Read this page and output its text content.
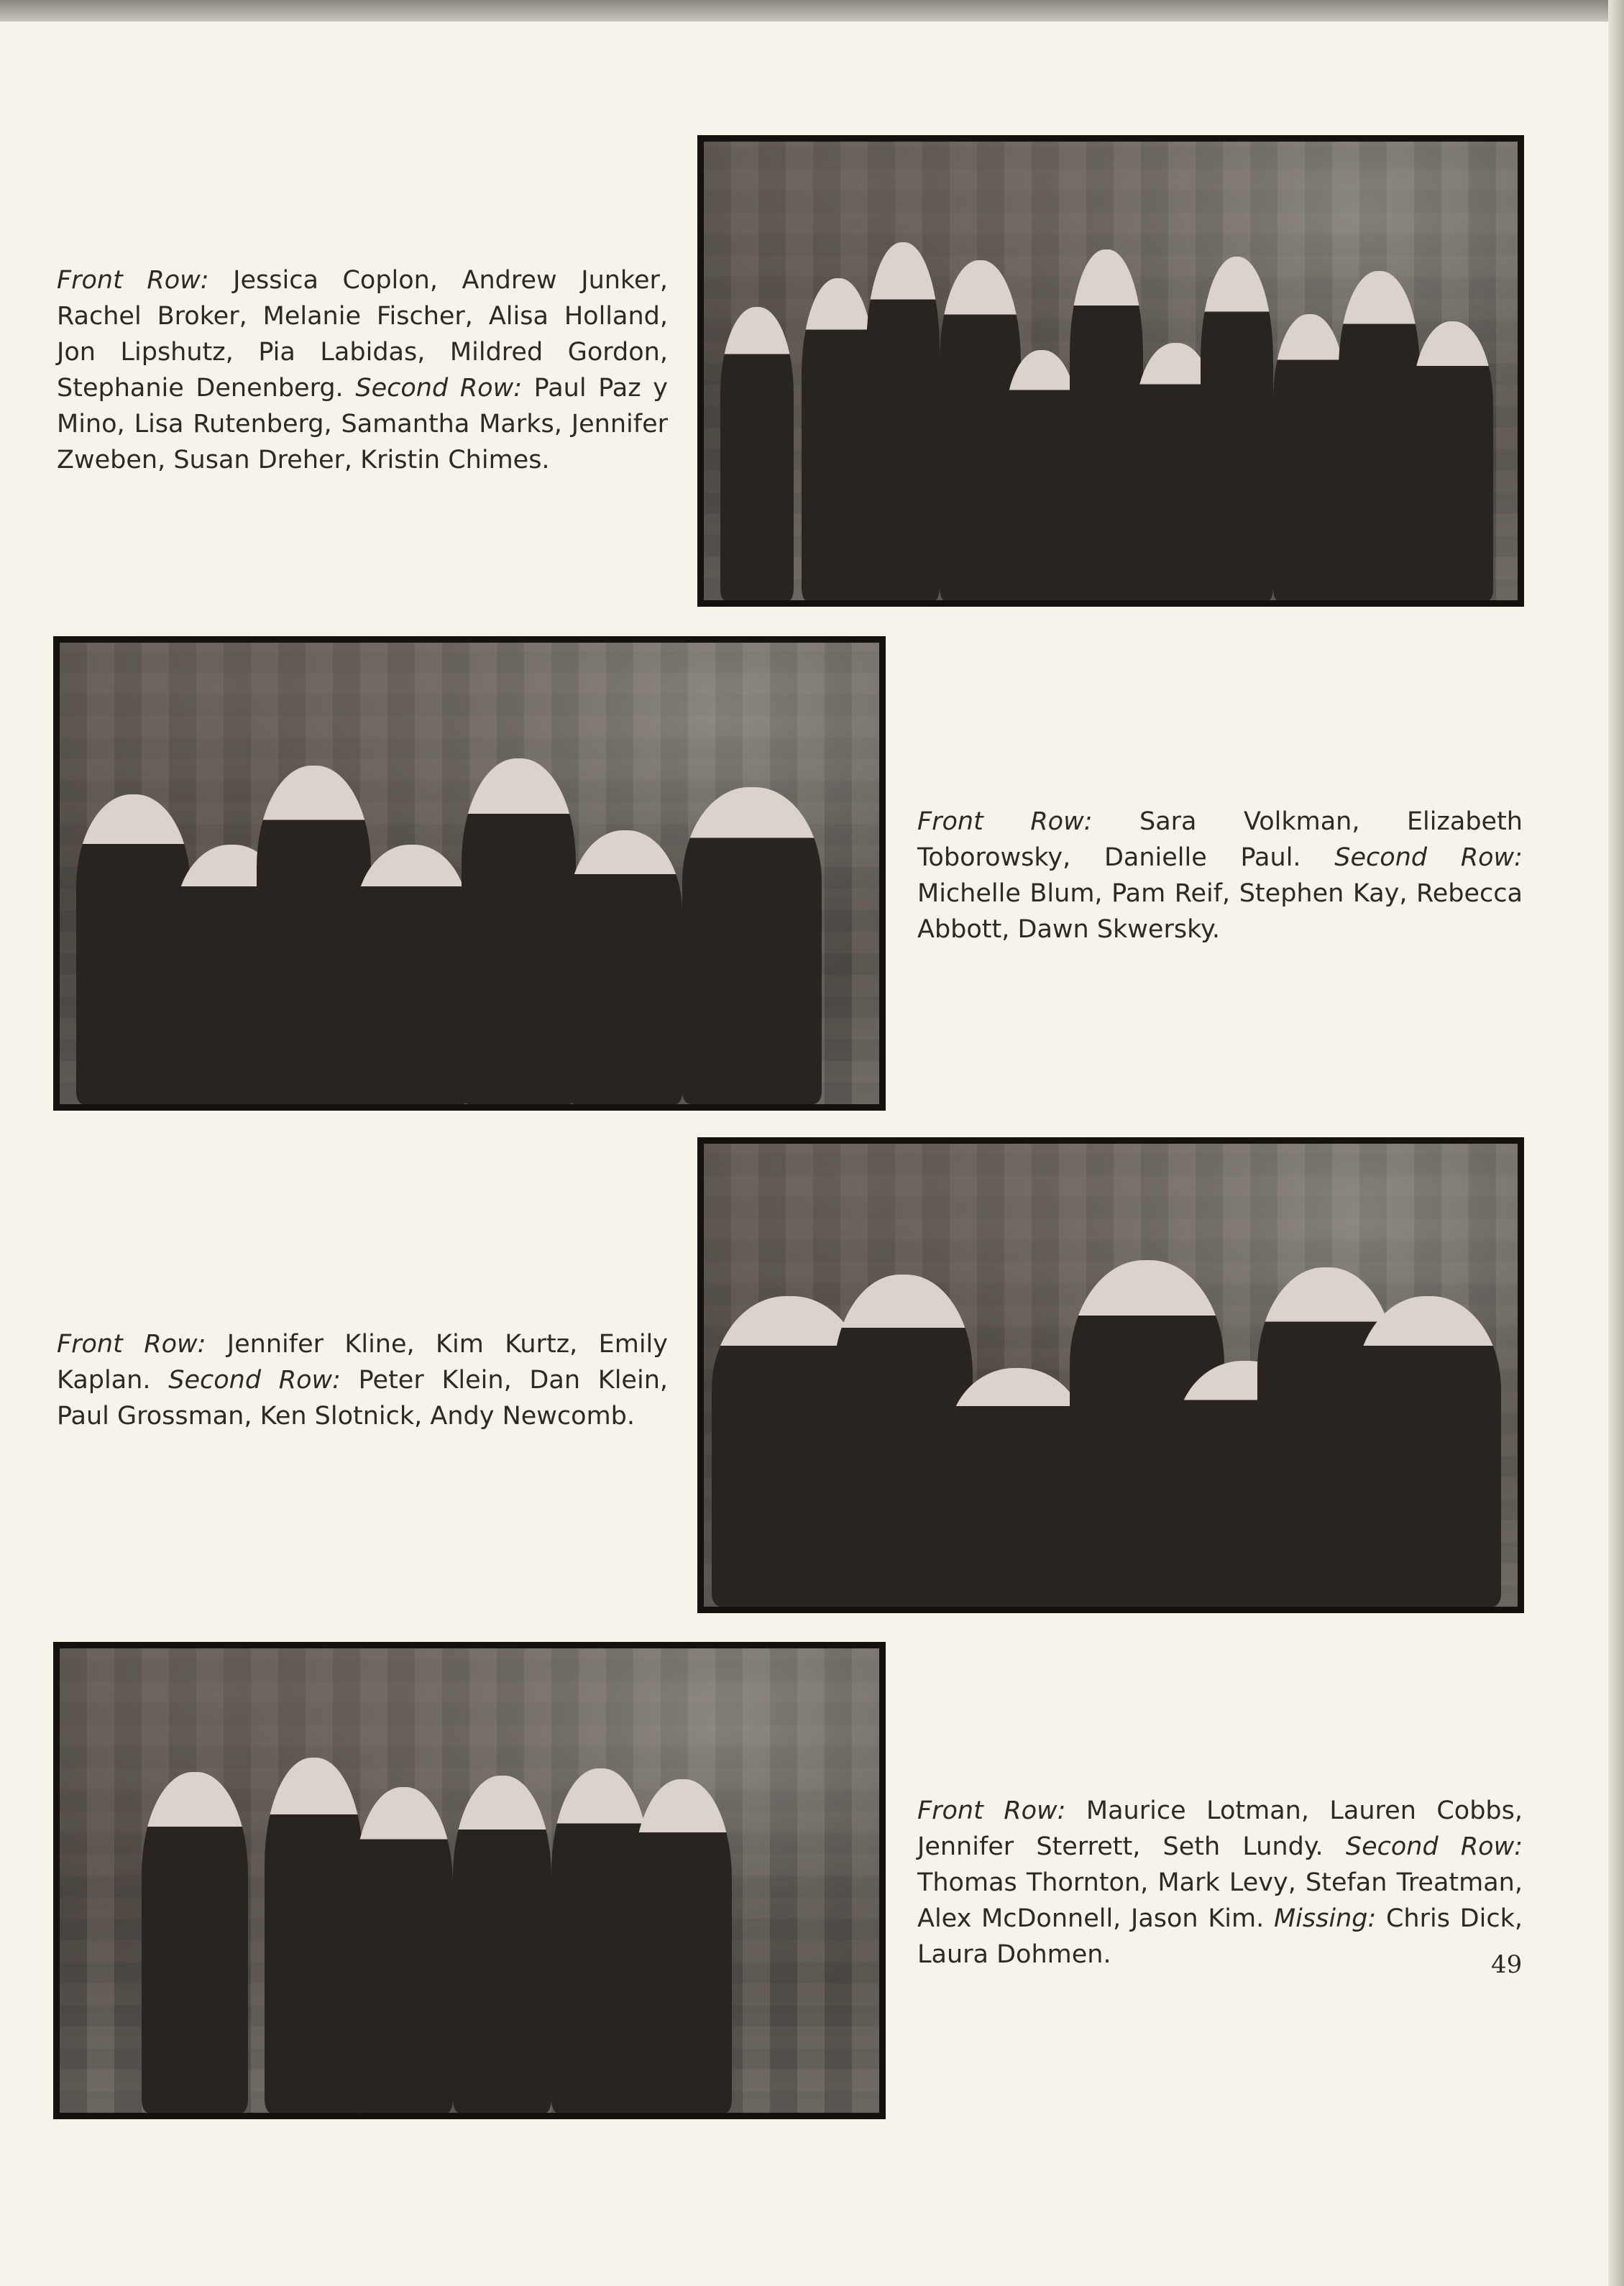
Front Row: Jessica Coplon, Andrew Junker, Rachel Broker, Melanie Fischer, Alisa Holland, Jon Lipshutz, Pia Labidas, Mildred Gordon, Stephanie Denenberg. Second Row: Paul Paz y Mino, Lisa Rutenberg, Samantha Marks, Jennifer Zweben, Susan Dreher, Kristin Chimes.

Front Row: Sara Volkman, Elizabeth Toborowsky, Danielle Paul. Second Row: Michelle Blum, Pam Reif, Stephen Kay, Rebecca Abbott, Dawn Skwersky.

Front Row: Jennifer Kline, Kim Kurtz, Emily Kaplan. Second Row: Peter Klein, Dan Klein, Paul Grossman, Ken Slotnick, Andy Newcomb.

Front Row: Maurice Lotman, Lauren Cobbs, Jennifer Sterrett, Seth Lundy. Second Row: Thomas Thornton, Mark Levy, Stefan Treatman, Alex McDonnell, Jason Kim. Missing: Chris Dick, Laura Dohmen.	49
